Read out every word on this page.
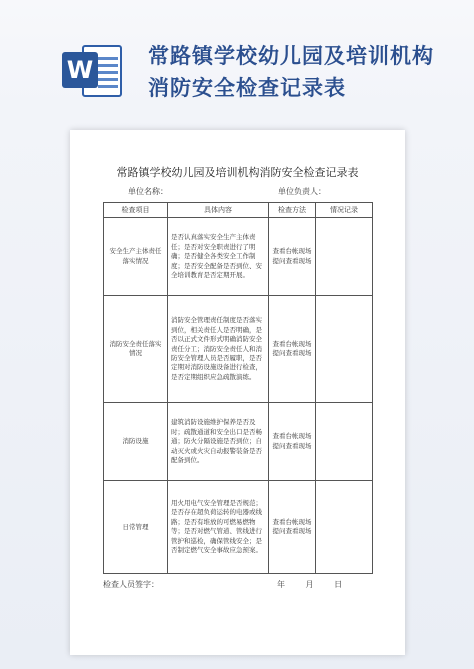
W	常路镇学校幼儿园及培训机构
消防安全检查记录表
常路镇学校幼儿园及培训机构消防安全检查记录表
单位名称：	单位负责人：
检查项目	具体内容	检查方法	情况记录
安全生产主体责任落实情况	是否认真落实安全生产主体责任；是否对安全职责进行了明确；是否健全各类安全工作制度；是否安全配备是否到位、安全培训教育是否定期开展。	查看台帐现场提问查看现场	
消防安全责任落实情况	消防安全管理责任制度是否落实到位，相关责任人是否明确，是否以正式文件形式明确消防安全责任分工；消防安全责任人和消防安全管理人员是否履职，是否定期对消防设施设备进行检查，是否定期组织应急疏散演练。	查看台帐现场提问查看现场	
消防设施	建筑消防设施维护保养是否及时；疏散通道和安全出口是否畅通；防火分隔设施是否到位；自动灭火或火灾自动报警装备是否配备到位。	查看台帐现场提问查看现场	
日常管理	用火用电气安全管理是否规范；是否存在超负荷运转的电器或线路；是否有堆放的可燃易燃物等；是否对燃气管道、管线进行管护和巡检，确保管线安全；是否制定燃气安全事故应急预案。	查看台帐现场提问查看现场	
检查人员签字：	年 月 日
